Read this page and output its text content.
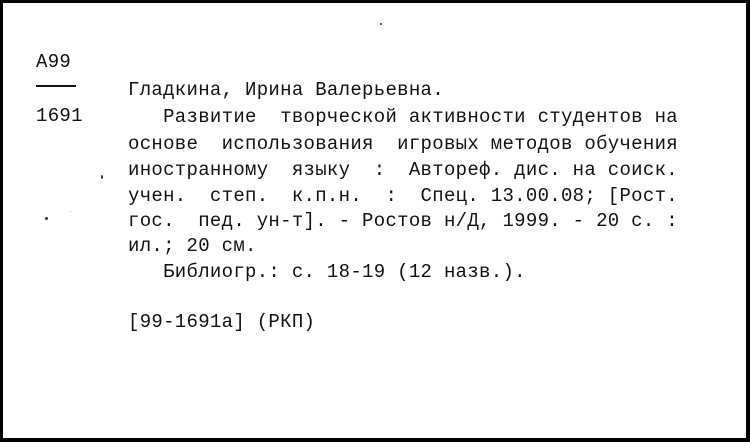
A99
1691
Гладкина, Ирина Валерьевна.
Развитие  творческой активности студентов на
основе  использования  игровых методов обучения
иностранному  языку  :  Автореф. дис. на соиск.
учен.  степ.  к.п.н.  :  Спец. 13.00.08; [Рост.
гос.  пед. ун-т]. - Ростов н/Д, 1999. - 20 с. :
ил.; 20 см.
Библиогр.: с. 18-19 (12 назв.).
[99-1691а] (РКП)
